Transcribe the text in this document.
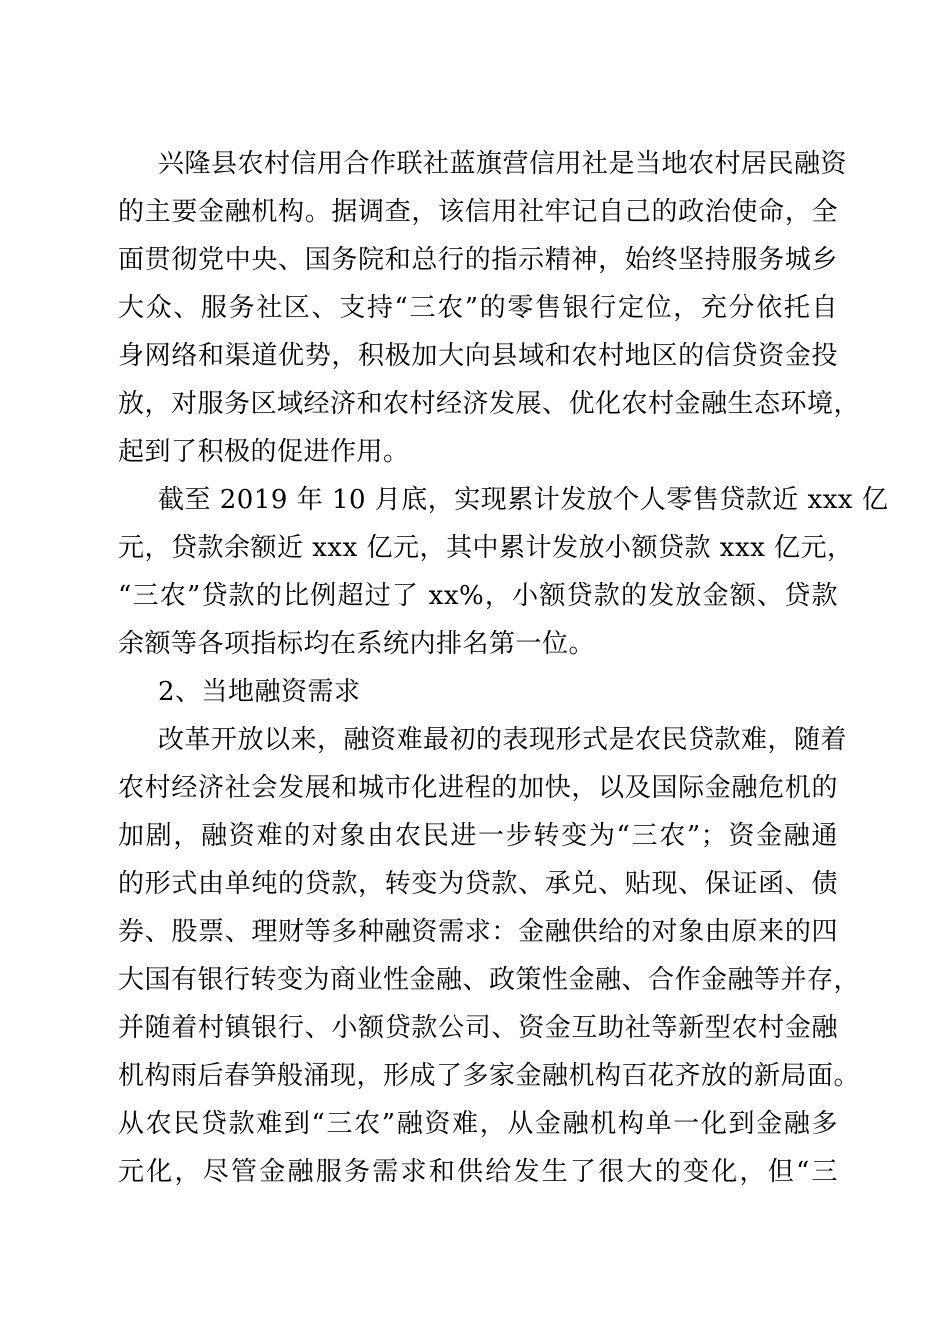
兴隆县农村信用合作联社蓝旗营信用社是当地农村居民融资
的主要金融机构。据调查，该信用社牢记自己的政治使命，全
面贯彻党中央、国务院和总行的指示精神，始终坚持服务城乡
大众、服务社区、支持“三农”的零售银行定位，充分依托自
身网络和渠道优势，积极加大向县域和农村地区的信贷资金投
放，对服务区域经济和农村经济发展、优化农村金融生态环境，
起到了积极的促进作用。
截至 2019 年 10 月底，实现累计发放个人零售贷款近 xxx 亿
元，贷款余额近 xxx 亿元，其中累计发放小额贷款 xxx 亿元，
“三农”贷款的比例超过了 xx%，小额贷款的发放金额、贷款
余额等各项指标均在系统内排名第一位。
2、当地融资需求
改革开放以来，融资难最初的表现形式是农民贷款难，随着
农村经济社会发展和城市化进程的加快，以及国际金融危机的
加剧，融资难的对象由农民进一步转变为“三农”；资金融通
的形式由单纯的贷款，转变为贷款、承兑、贴现、保证函、债
券、股票、理财等多种融资需求：金融供给的对象由原来的四
大国有银行转变为商业性金融、政策性金融、合作金融等并存，
并随着村镇银行、小额贷款公司、资金互助社等新型农村金融
机构雨后春笋般涌现，形成了多家金融机构百花齐放的新局面。
从农民贷款难到“三农”融资难，从金融机构单一化到金融多
元化，尽管金融服务需求和供给发生了很大的变化，但“三
